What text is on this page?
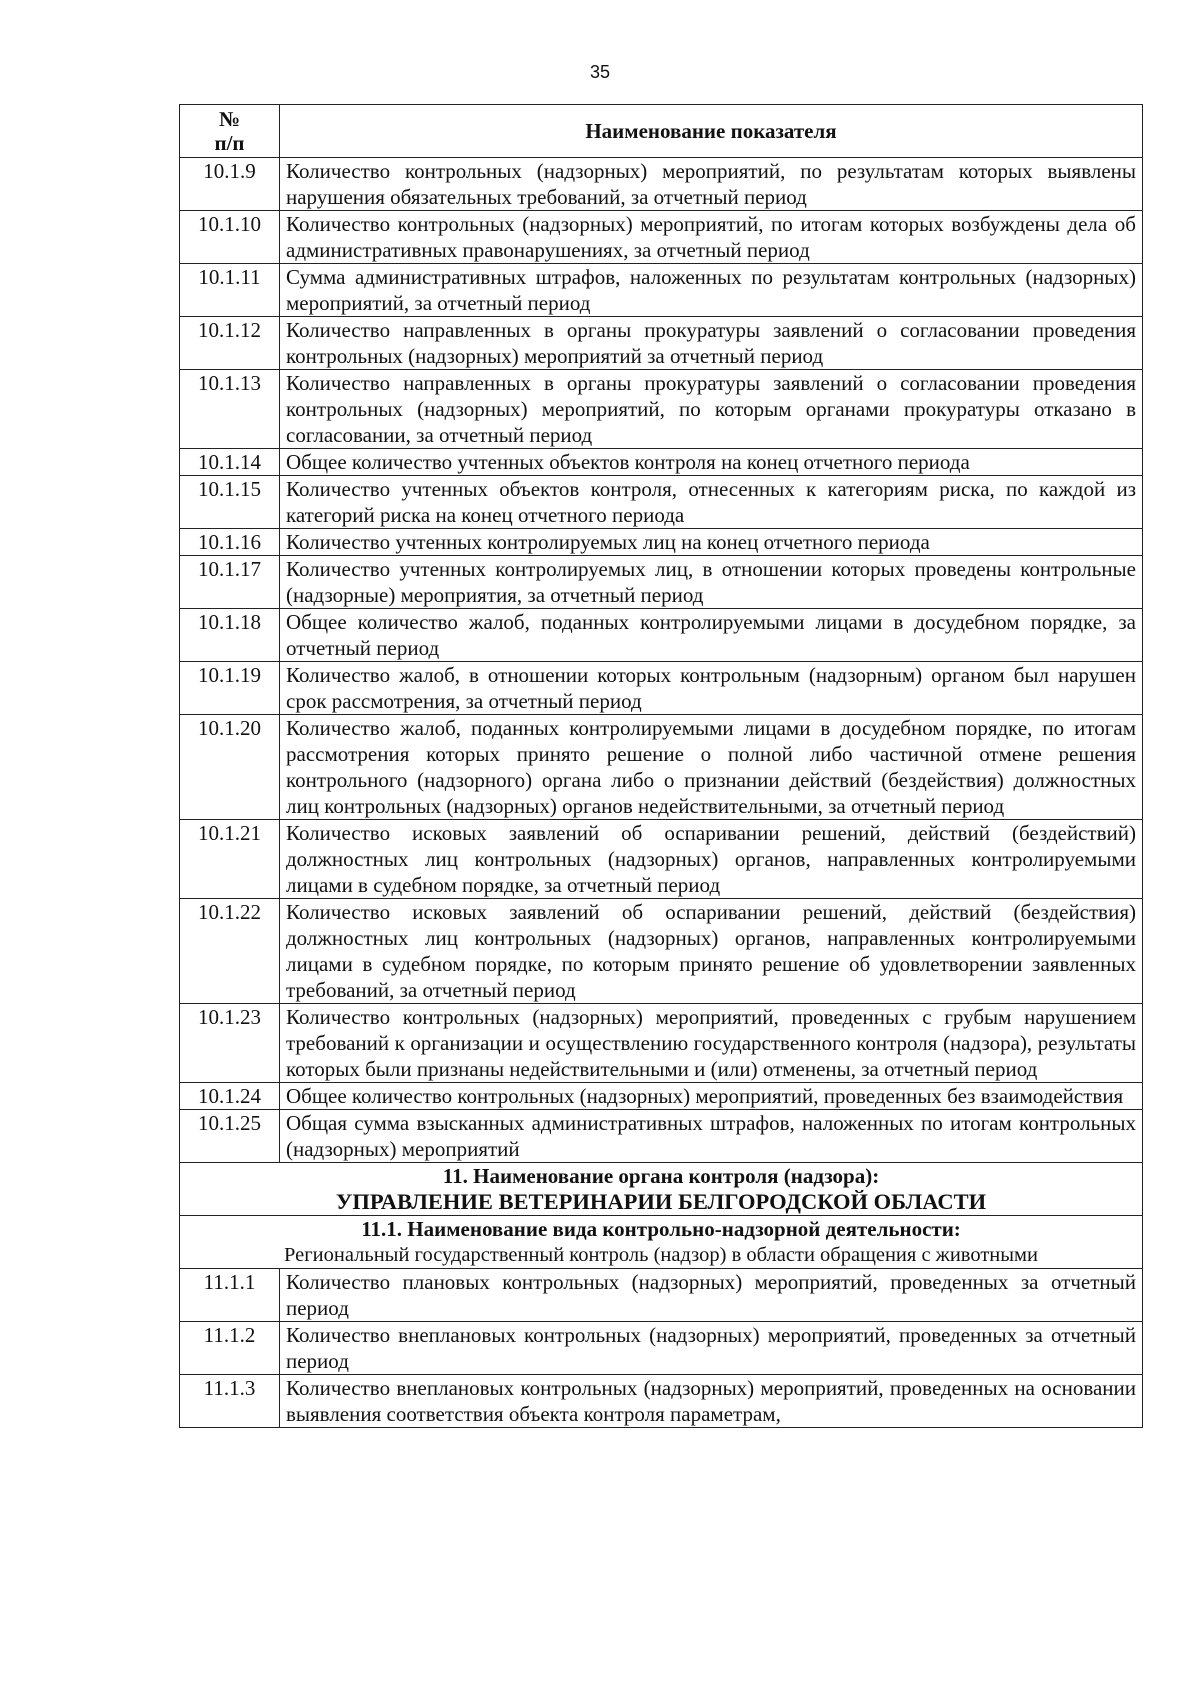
35
№
п/п	Наименование показателя
10.1.9	Количество контрольных (надзорных) мероприятий, по результатам которых выявлены нарушения обязательных требований, за отчетный период
10.1.10	Количество контрольных (надзорных) мероприятий, по итогам которых возбуждены дела об административных правонарушениях, за отчетный период
10.1.11	Сумма административных штрафов, наложенных по результатам контрольных (надзорных) мероприятий, за отчетный период
10.1.12	Количество направленных в органы прокуратуры заявлений о согласовании проведения контрольных (надзорных) мероприятий за отчетный период
10.1.13	Количество направленных в органы прокуратуры заявлений о согласовании проведения контрольных (надзорных) мероприятий, по которым органами прокуратуры отказано в согласовании, за отчетный период
10.1.14	Общее количество учтенных объектов контроля на конец отчетного периода
10.1.15	Количество учтенных объектов контроля, отнесенных к категориям риска, по каждой из категорий риска на конец отчетного периода
10.1.16	Количество учтенных контролируемых лиц на конец отчетного периода
10.1.17	Количество учтенных контролируемых лиц, в отношении которых проведены контрольные (надзорные) мероприятия, за отчетный период
10.1.18	Общее количество жалоб, поданных контролируемыми лицами в досудебном порядке, за отчетный период
10.1.19	Количество жалоб, в отношении которых контрольным (надзорным) органом был нарушен срок рассмотрения, за отчетный период
10.1.20	Количество жалоб, поданных контролируемыми лицами в досудебном порядке, по итогам рассмотрения которых принято решение о полной либо частичной отмене решения контрольного (надзорного) органа либо о признании действий (бездействия) должностных лиц контрольных (надзорных) органов недействительными, за отчетный период
10.1.21	Количество исковых заявлений об оспаривании решений, действий (бездействий) должностных лиц контрольных (надзорных) органов, направленных контролируемыми лицами в судебном порядке, за отчетный период
10.1.22	Количество исковых заявлений об оспаривании решений, действий (бездействия) должностных лиц контрольных (надзорных) органов, направленных контролируемыми лицами в судебном порядке, по которым принято решение об удовлетворении заявленных требований, за отчетный период
10.1.23	Количество контрольных (надзорных) мероприятий, проведенных с грубым нарушением требований к организации и осуществлению государственного контроля (надзора), результаты которых были признаны недействительными и (или) отменены, за отчетный период
10.1.24	Общее количество контрольных (надзорных) мероприятий, проведенных без взаимодействия
10.1.25	Общая сумма взысканных административных штрафов, наложенных по итогам контрольных (надзорных) мероприятий
11. Наименование органа контроля (надзора):
УПРАВЛЕНИЕ ВЕТЕРИНАРИИ БЕЛГОРОДСКОЙ ОБЛАСТИ	

11.1. Наименование вида контрольно-надзорной деятельности:
Региональный государственный контроль (надзор) в области обращения с животными	

11.1.1	Количество плановых контрольных (надзорных) мероприятий, проведенных за отчетный период
11.1.2	Количество внеплановых контрольных (надзорных) мероприятий, проведенных за отчетный период
11.1.3	Количество внеплановых контрольных (надзорных) мероприятий, проведенных на основании выявления соответствия объекта контроля параметрам,
